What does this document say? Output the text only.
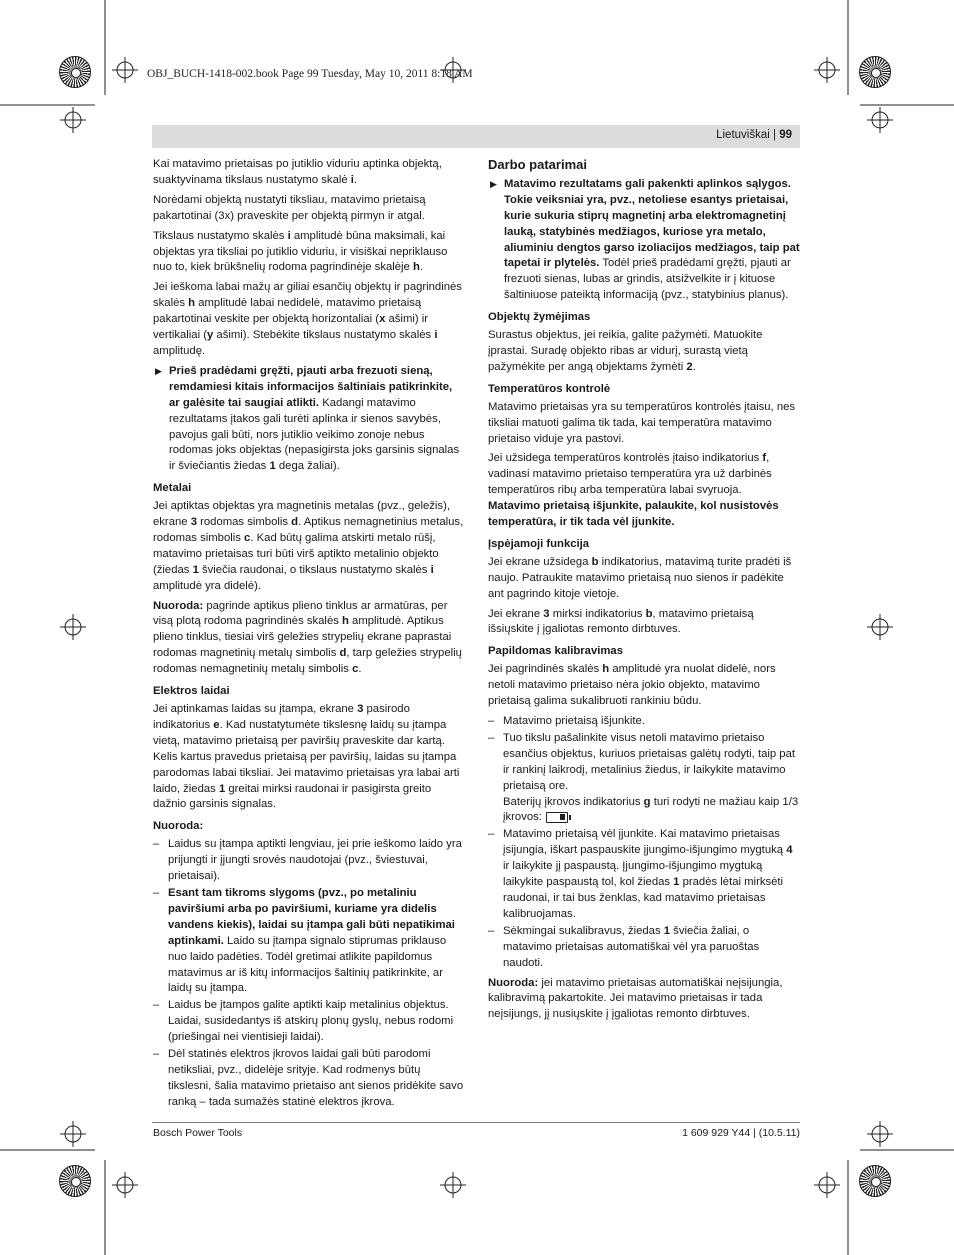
OBJ_BUCH-1418-002.book Page 99 Tuesday, May 10, 2011 8:18 AM
Lietuviškai | 99

Kai matavimo prietaisas po jutiklio viduriu aptinka objektą, suaktyvinama tikslaus nustatymo skalė i.

Norėdami objektą nustatyti tiksliau, matavimo prietaisą pakartotinai (3x) praveskite per objektą pirmyn ir atgal.

Tikslaus nustatymo skalės i amplitudė būna maksimali, kai objektas yra tiksliai po jutiklio viduriu, ir visiškai nepriklauso nuo to, kiek brūkšnelių rodoma pagrindinėje skalėje h.

Jei ieškoma labai mažų ar giliai esančių objektų ir pagrindinės skalės h amplitudė labai nedidelė, matavimo prietaisą pakartotinai veskite per objektą horizontaliai (x ašimi) ir vertikaliai (y ašimi). Stebėkite tikslaus nustatymo skalės i amplitudę.

▶ Prieš pradėdami gręžti, pjauti arba frezuoti sieną, remdamiesi kitais informacijos šaltiniais patikrinkite, ar galėsite tai saugiai atlikti. Kadangi matavimo rezultatams įtakos gali turėti aplinka ir sienos savybės, pavojus gali būti, nors jutiklio veikimo zonoje nebus rodomas joks objektas (nepasigirsta joks garsinis signalas ir šviečiantis žiedas 1 dega žaliai).
Metalai

Jei aptiktas objektas yra magnetinis metalas (pvz., geležis), ekrane 3 rodomas simbolis d. Aptikus nemagnetinius metalus, rodomas simbolis c. Kad būtų galima atskirti metalo rūšį, matavimo prietaisas turi būti virš aptikto metalinio objekto (žiedas 1 šviečia raudonai, o tikslaus nustatymo skalės i amplitudė yra didelė).

Nuoroda: pagrinde aptikus plieno tinklus ar armatūras, per visą plotą rodoma pagrindinės skalės h amplitudė. Aptikus plieno tinklus, tiesiai virš geležies strypelių ekrane paprastai rodomas magnetinių metalų simbolis d, tarp geležies strypelių rodomas nemagnetinių metalų simbolis c.

Elektros laidai

Jei aptinkamas laidas su įtampa, ekrane 3 pasirodo indikatorius e. Kad nustatytumėte tikslesnę laidų su įtampa vietą, matavimo prietaisą per paviršių praveskite dar kartą. Kelis kartus pravedus prietaisą per paviršių, laidas su įtampa parodomas labai tiksliai. Jei matavimo prietaisas yra labai arti laido, žiedas 1 greitai mirksi raudonai ir pasigirsta greito dažnio garsinis signalas.

Nuoroda:
– Laidus su įtampa aptikti lengviau, jei prie ieškomo laido yra prijungti ir įjungti srovės naudotojai (pvz., šviestuvai, prietaisai).
– Esant tam tikroms slygoms (pvz., po metaliniu paviršiumi arba po paviršiumi, kuriame yra didelis vandens kiekis), laidai su įtampa gali būti nepatikimai aptinkami. Laido su įtampa signalo stiprumas priklauso nuo laido padėties. Todėl gretimai atlikite papildomus matavimus ar iš kitų informacijos šaltinių patikrinkite, ar laidų su įtampa.
– Laidus be įtampos galite aptikti kaip metalinius objektus. Laidai, susidedantys iš atskirų plonų gyslų, nebus rodomi (priešingai nei vientisieji laidai).
– Dėl statinės elektros įkrovos laidai gali būti parodomi netiksliai, pvz., didelėje srityje. Kad rodmenys būtų tikslesni, šalia matavimo prietaiso ant sienos pridėkite savo ranką – tada sumažės statinė elektros įkrova.
Darbo patarimai
▶ Matavimo rezultatams gali pakenkti aplinkos sąlygos. Tokie veiksniai yra, pvz., netoliese esantys prietaisai, kurie sukuria stiprų magnetinį arba elektromagnetinį lauką, statybinės medžiagos, kuriose yra metalo, aliuminiu dengtos garso izoliacijos medžiagos, taip pat tapetai ir plytelės. Todėl prieš pradėdami gręžti, pjauti ar frezuoti sienas, lubas ar grindis, atsižvelkite ir į kituose šaltiniuose pateiktą informaciją (pvz., statybinius planus).
Objektų žymėjimas

Surastus objektus, jei reikia, galite pažymėti. Matuokite įprastai. Suradę objekto ribas ar vidurį, surastą vietą pažymėkite per angą objektams žymėti 2.

Temperatūros kontrolė

Matavimo prietaisas yra su temperatūros kontrolės įtaisu, nes tiksliai matuoti galima tik tada, kai temperatūra matavimo prietaiso viduje yra pastovi.

Jei užsidega temperatūros kontrolės įtaiso indikatorius f, vadinasi matavimo prietaiso temperatūra yra už darbinės temperatūros ribų arba temperatūra labai svyruoja.

Matavimo prietaisą išjunkite, palaukite, kol nusistovės temperatūra, ir tik tada vėl įjunkite.

Įspėjamoji funkcija

Jei ekrane užsidega b indikatorius, matavimą turite pradėti iš naujo. Patraukite matavimo prietaisą nuo sienos ir padėkite ant pagrindo kitoje vietoje.

Jei ekrane 3 mirksi indikatorius b, matavimo prietaisą išsiųskite į įgaliotas remonto dirbtuves.

Papildomas kalibravimas

Jei pagrindinės skalės h amplitudė yra nuolat didelė, nors netoli matavimo prietaiso nėra jokio objekto, matavimo prietaisą galima sukalibruoti rankiniu būdu.

– Matavimo prietaisą išjunkite.
– Tuo tikslu pašalinkite visus netoli matavimo prietaiso esančius objektus, kuriuos prietaisas galėtų rodyti, taip pat ir rankinį laikrodį, metalinius žiedus, ir laikykite matavimo prietaisą ore.
Baterijų įkrovos indikatorius g turi rodyti ne mažiau kaip 1/3 įkrovos:
– Matavimo prietaisą vėl įjunkite. Kai matavimo prietaisas įsijungia, iškart paspauskite įjungimo-išjungimo mygtuką 4 ir laikykite jį paspaustą. Įjungimo-išjungimo mygtuką laikykite paspaustą tol, kol žiedas 1 pradės lėtai mirksėti raudonai, ir tai bus ženklas, kad matavimo prietaisas kalibruojamas.
– Sėkmingai sukalibravus, žiedas 1 šviečia žaliai, o matavimo prietaisas automatiškai vėl yra paruoštas naudoti.

Nuoroda: jei matavimo prietaisas automatiškai neįsijungia, kalibravimą pakartokite. Jei matavimo prietaisas ir tada neįsijungs, jį nusiųskite į įgaliotas remonto dirbtuves.

Bosch Power Tools	1 609 929 Y44 | (10.5.11)
